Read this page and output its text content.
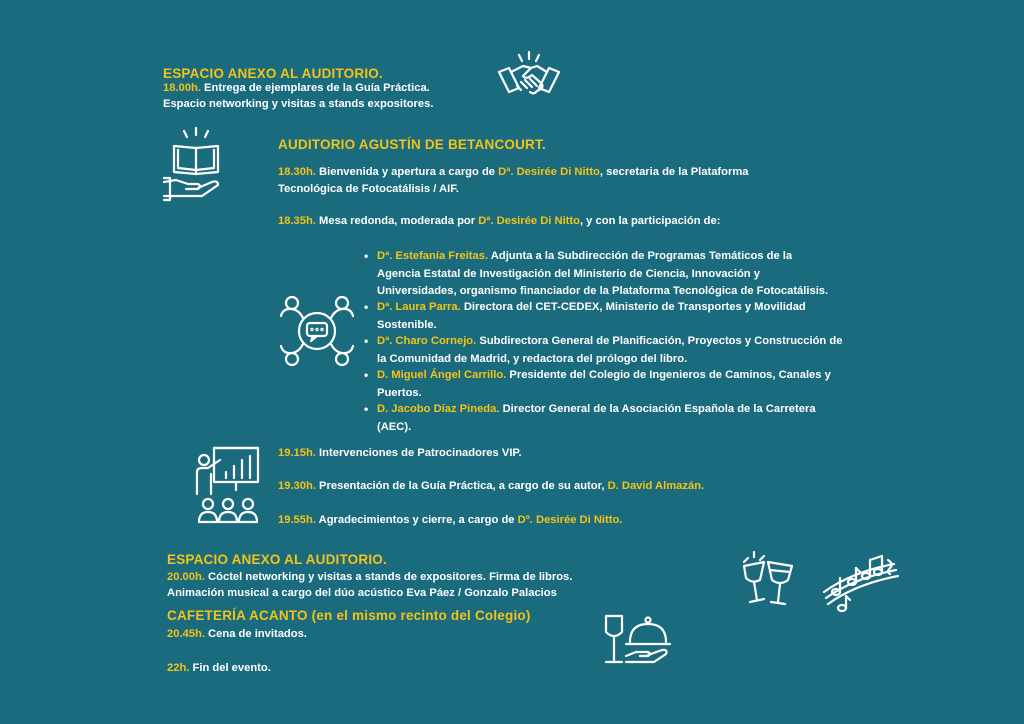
ESPACIO ANEXO AL AUDITORIO.
18.00h. Entrega de ejemplares de la Guía Práctica.
Espacio networking y visitas a stands expositores.
AUDITORIO AGUSTÍN DE BETANCOURT.
18.30h. Bienvenida y apertura a cargo de Dª. Desirée Di Nitto, secretaria de la Plataforma
Tecnológica de Fotocatálisis / AIF.
18.35h. Mesa redonda, moderada por Dª. Desirée Di Nitto, y con la participación de:
• Dª. Estefanía Freitas. Adjunta a la Subdirección de Programas Temáticos de la
Agencia Estatal de Investigación del Ministerio de Ciencia, Innovación y
Universidades, organismo financiador de la Plataforma Tecnológica de Fotocatálisis.
• Dª. Laura Parra. Directora del CET-CEDEX, Ministerio de Transportes y Movilidad
Sostenible.
• Dª. Charo Cornejo. Subdirectora General de Planificación, Proyectos y Construcción de
la Comunidad de Madrid, y redactora del prólogo del libro.
• D. Miguel Ángel Carrillo. Presidente del Colegio de Ingenieros de Caminos, Canales y
Puertos.
• D. Jacobo Díaz Pineda. Director General de la Asociación Española de la Carretera
(AEC).
19.15h. Intervenciones de Patrocinadores VIP.
19.30h. Presentación de la Guía Práctica, a cargo de su autor, D. David Almazán.
19.55h. Agradecimientos y cierre, a cargo de Dº. Desirée Di Nitto.
ESPACIO ANEXO AL AUDITORIO.
20.00h. Cóctel networking y visitas a stands de expositores. Firma de libros.
Animación musical a cargo del dúo acústico Eva Páez / Gonzalo Palacios
CAFETERÍA ACANTO (en el mismo recinto del Colegio)
20.45h. Cena de invitados.
22h. Fin del evento.
